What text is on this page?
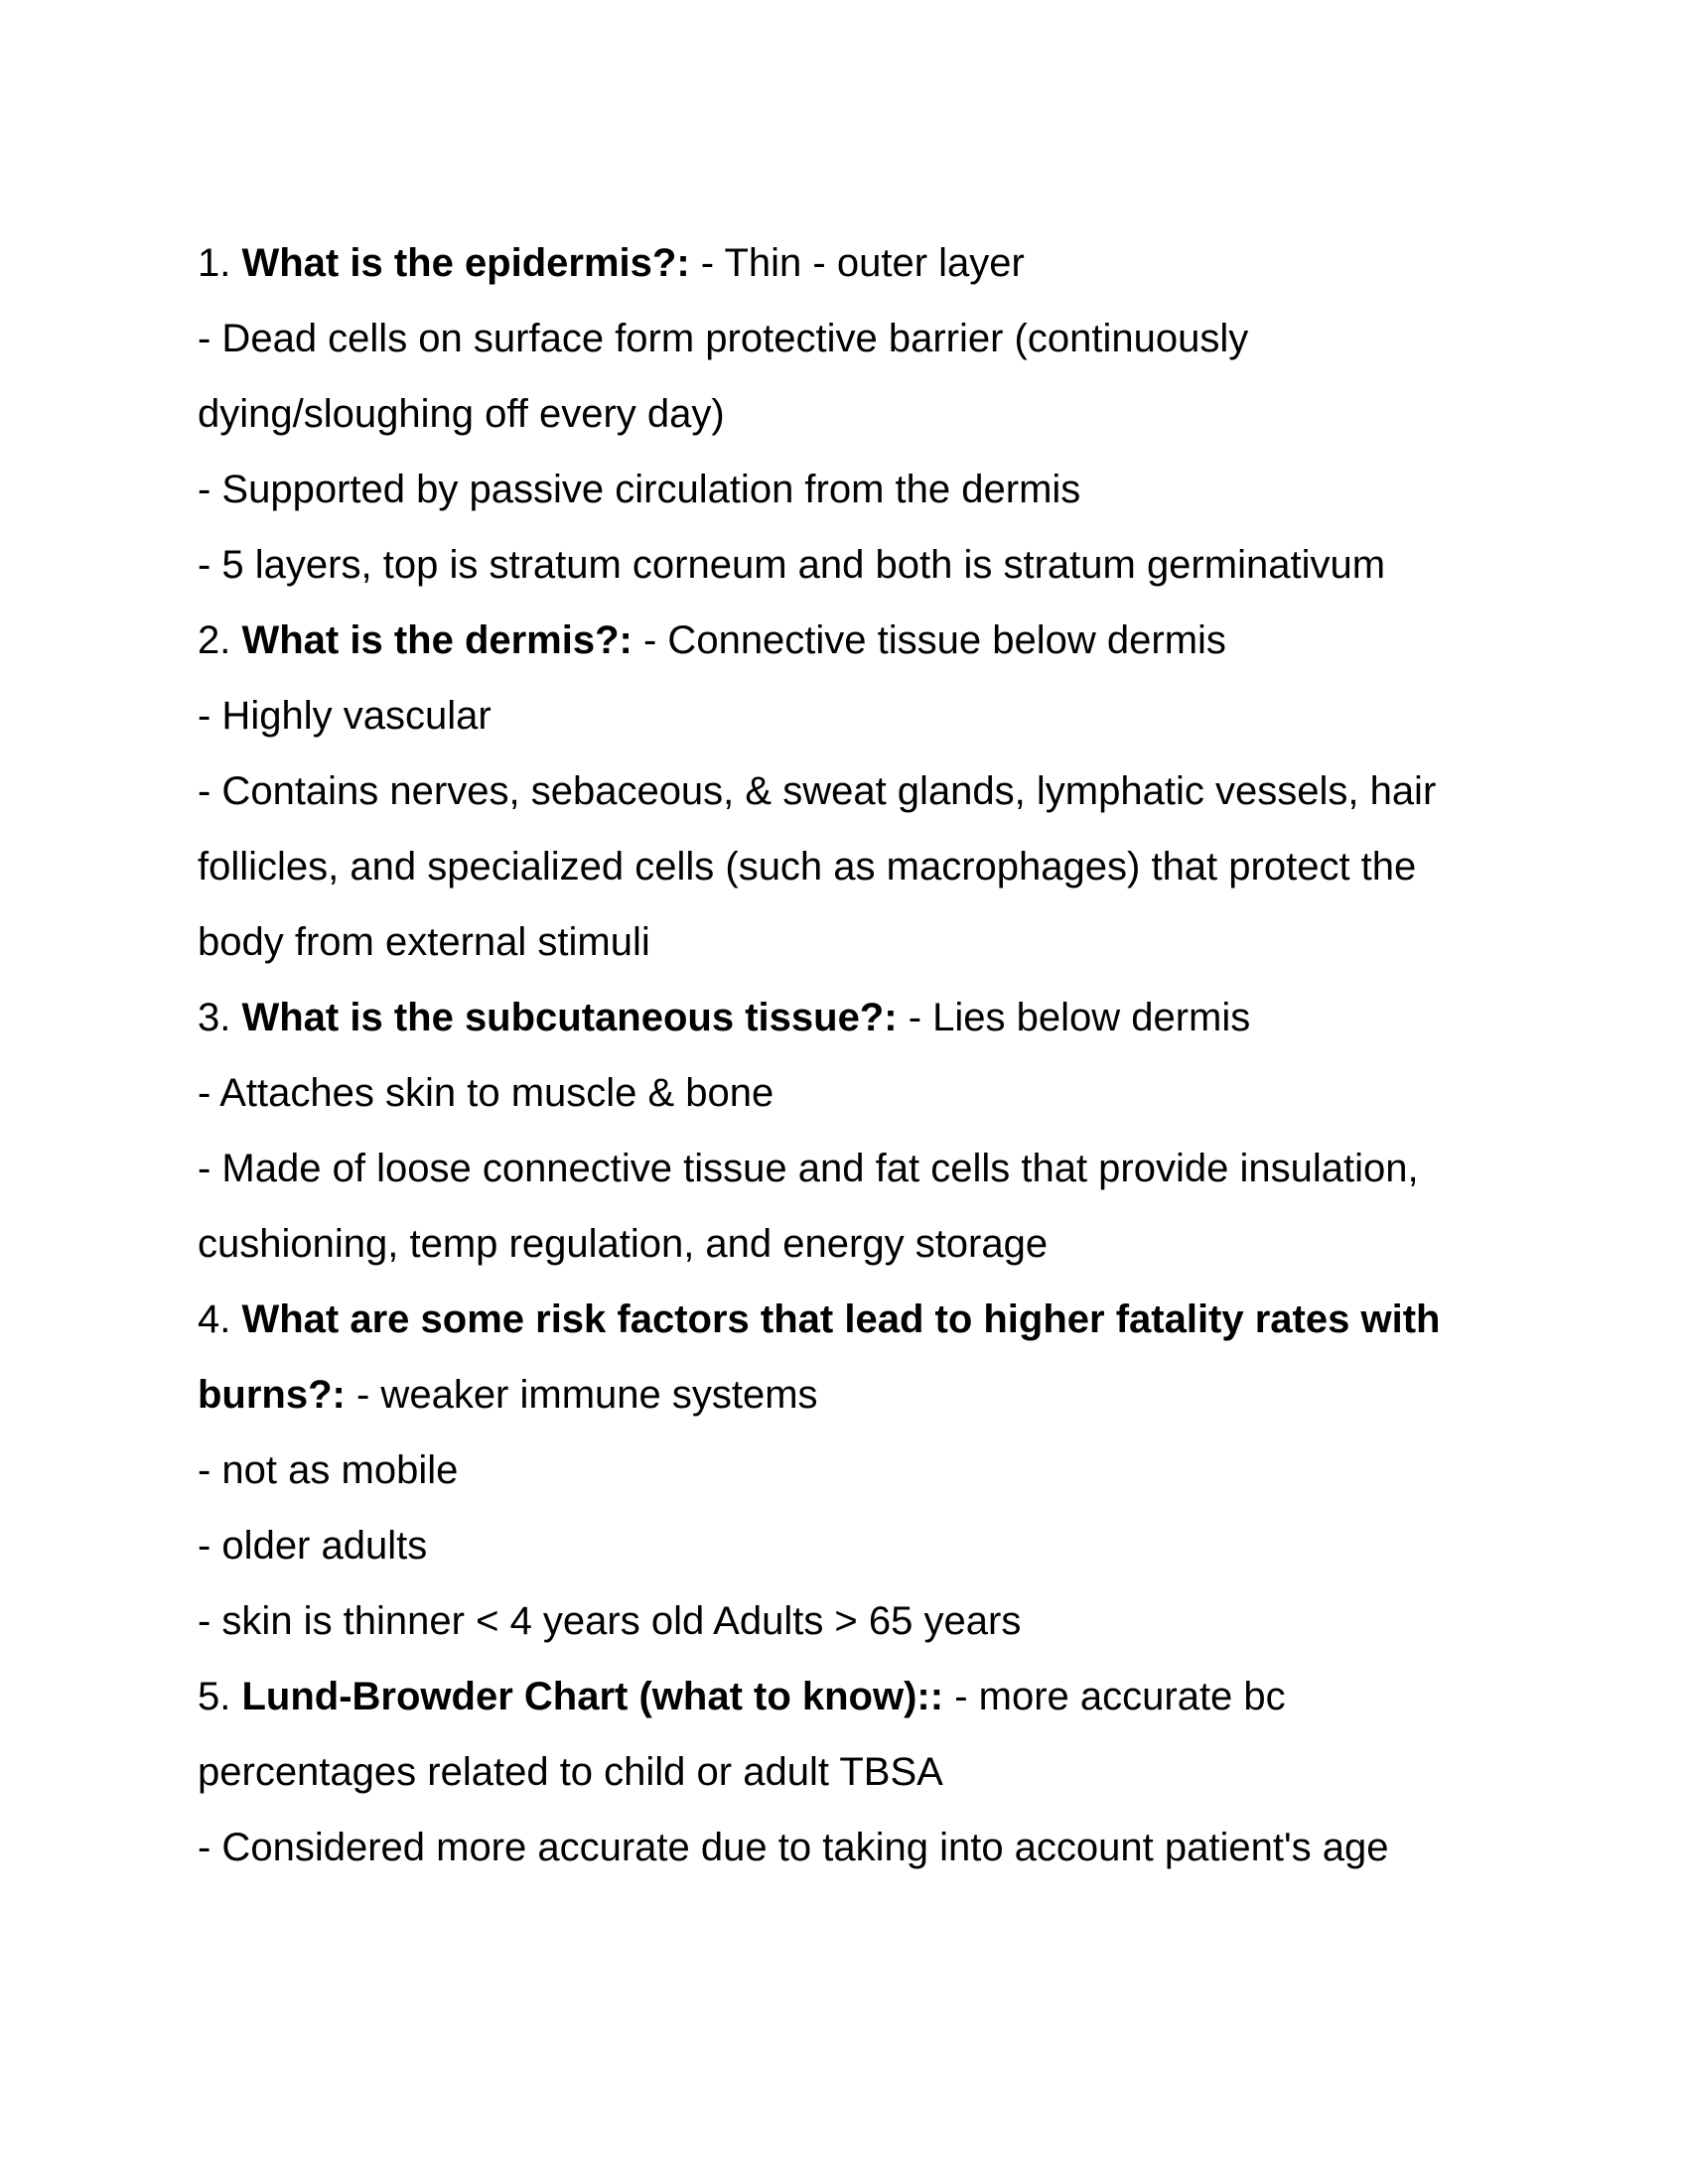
1. What is the epidermis?: - Thin - outer layer

- Dead cells on surface form protective barrier (continuously dying/sloughing off every day)

- Supported by passive circulation from the dermis

- 5 layers, top is stratum corneum and both is stratum germinativum

2. What is the dermis?: - Connective tissue below dermis

- Highly vascular

- Contains nerves, sebaceous, & sweat glands, lymphatic vessels, hair follicles, and specialized cells (such as macrophages) that protect the body from external stimuli

3. What is the subcutaneous tissue?: - Lies below dermis

- Attaches skin to muscle & bone

- Made of loose connective tissue and fat cells that provide insulation, cushioning, temp regulation, and energy storage

4. What are some risk factors that lead to higher fatality rates with burns?: - weaker immune systems

- not as mobile

- older adults

- skin is thinner < 4 years old Adults > 65 years

5. Lund-Browder Chart (what to know):: - more accurate bc percentages related to child or adult TBSA

- Considered more accurate due to taking into account patient's age
